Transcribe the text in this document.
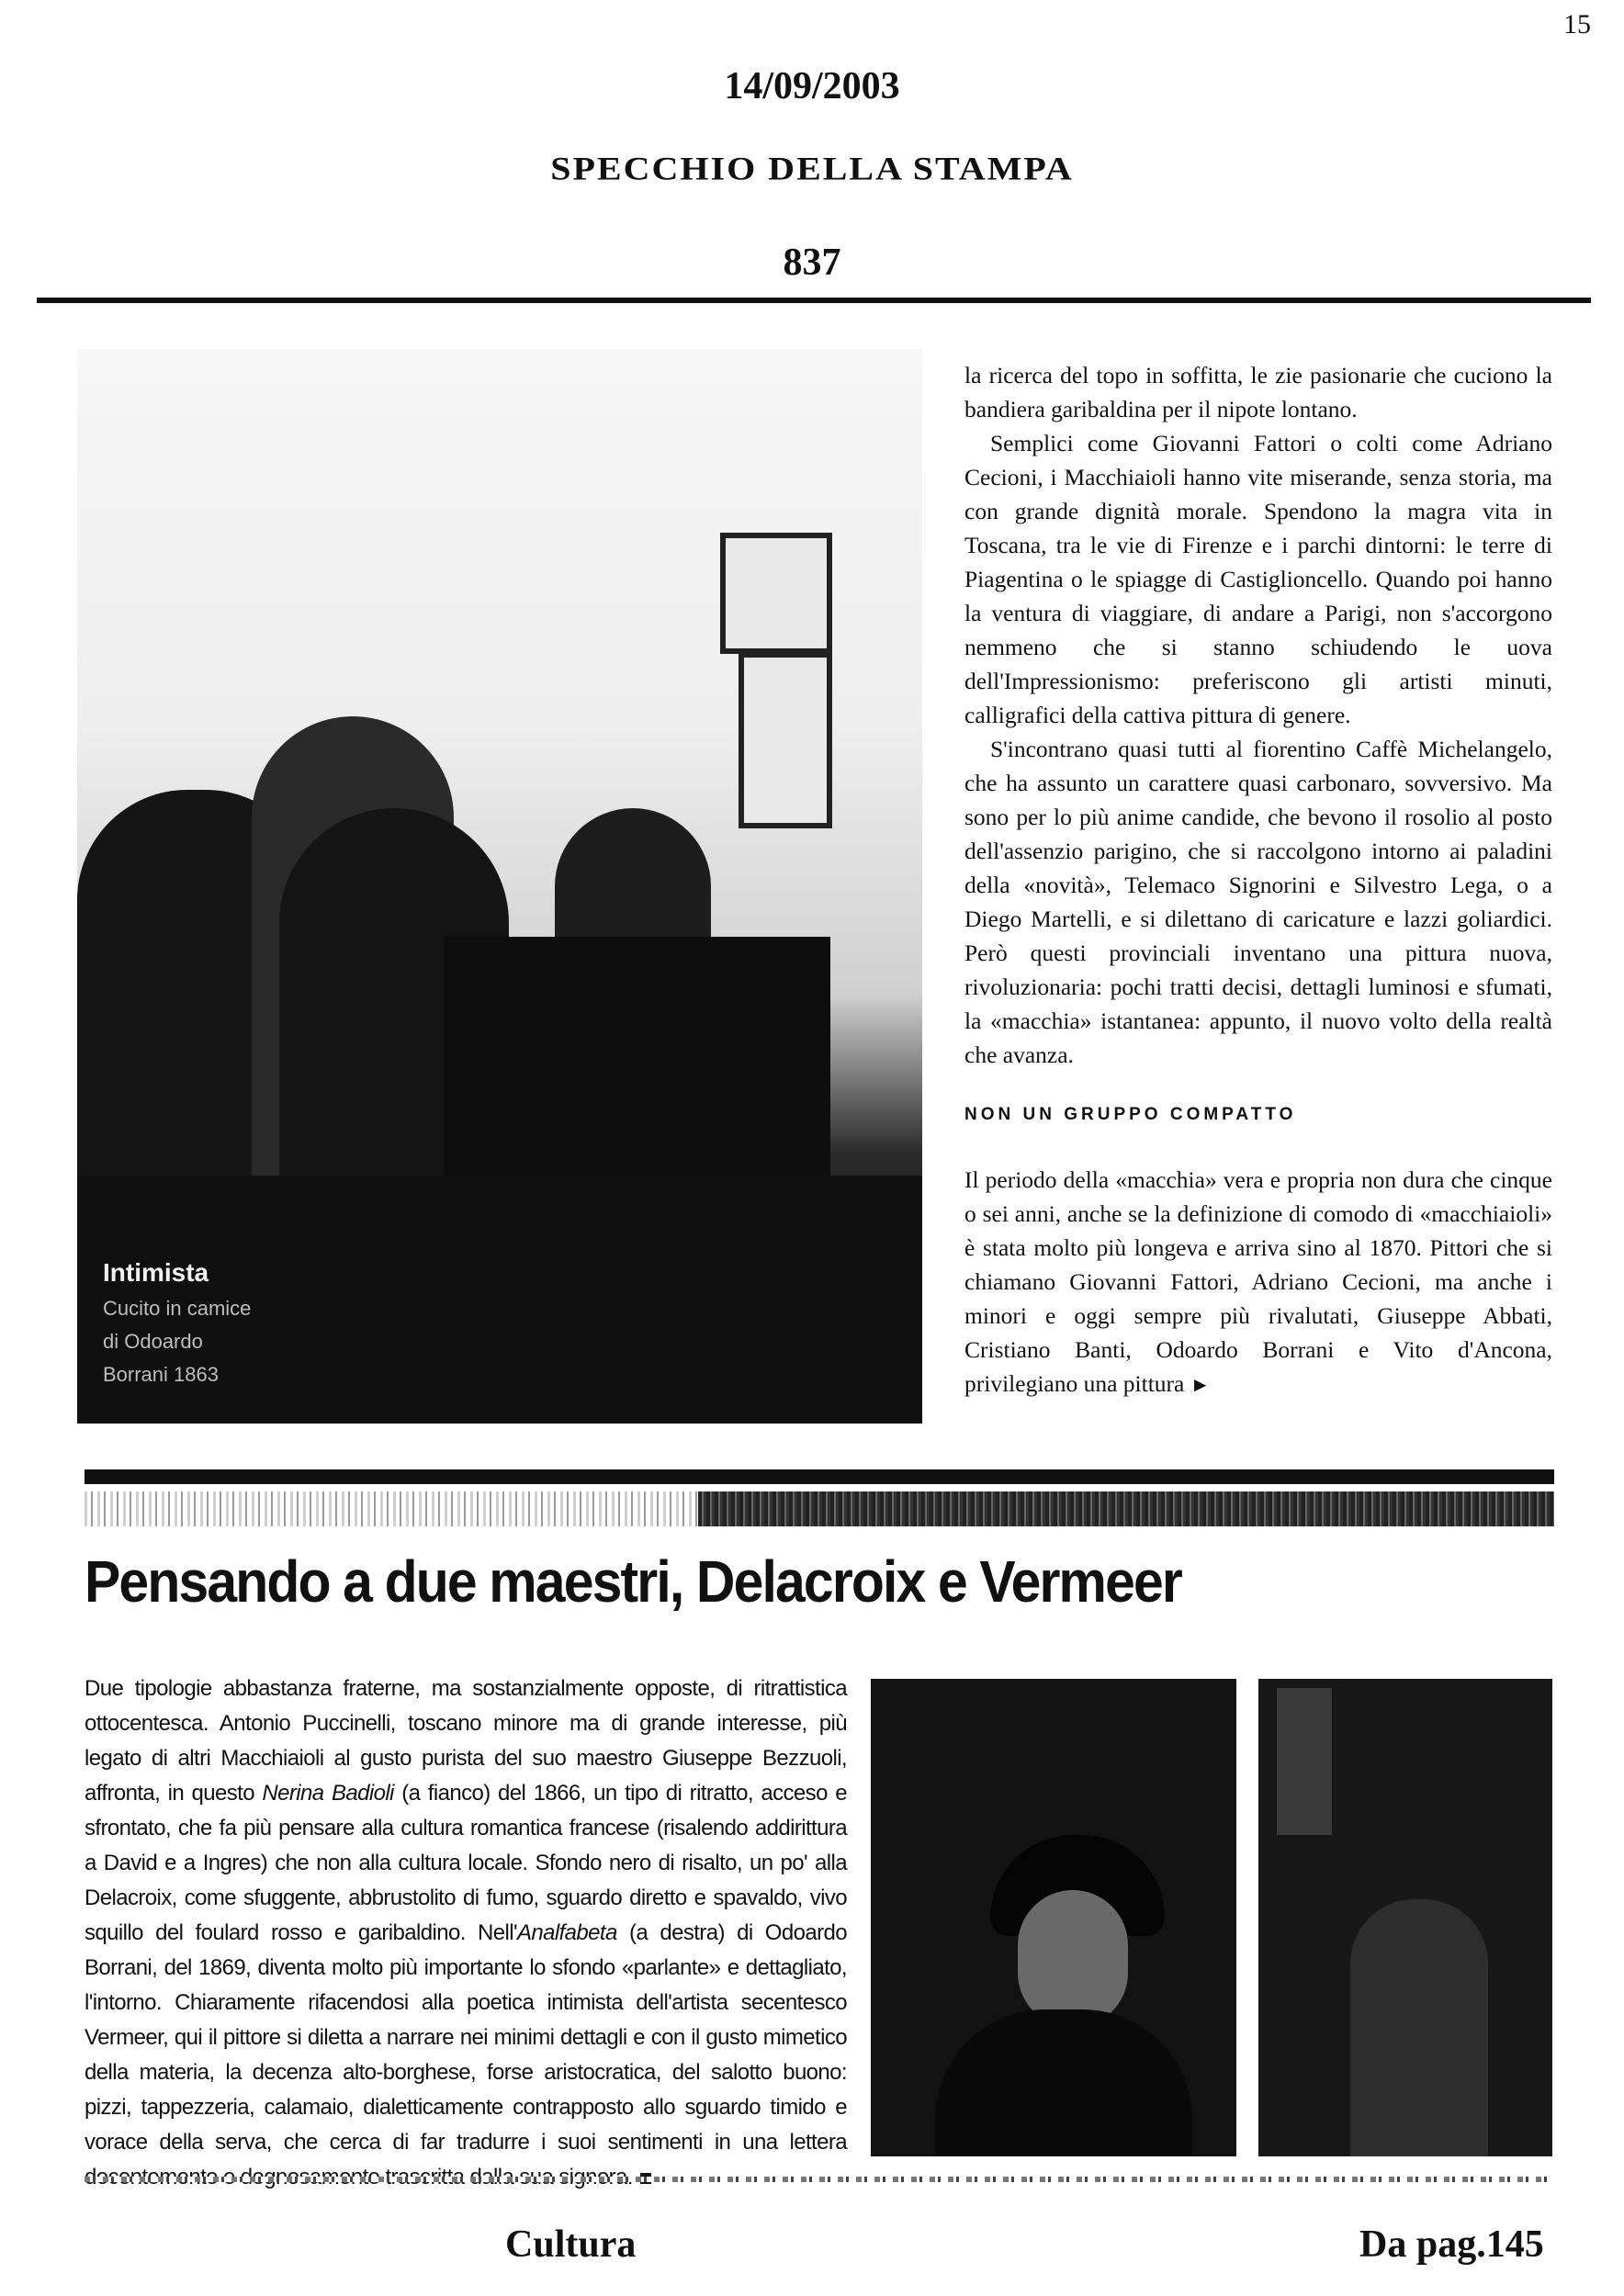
15
14/09/2003
SPECCHIO DELLA STAMPA
837
Intimista
Cucito in camice
di Odoardo
Borrani 1863

la ricerca del topo in soffitta, le zie pasionarie che cuciono la bandiera garibaldina per il nipote lontano.

Semplici come Giovanni Fattori o colti come Adriano Cecioni, i Macchiaioli hanno vite miserande, senza storia, ma con grande dignità morale. Spendono la magra vita in Toscana, tra le vie di Firenze e i parchi dintorni: le terre di Piagentina o le spiagge di Castiglioncello. Quando poi hanno la ventura di viaggiare, di andare a Parigi, non s'accorgono nemmeno che si stanno schiudendo le uova dell'Impressionismo: preferiscono gli artisti minuti, calligrafici della cattiva pittura di genere.

S'incontrano quasi tutti al fiorentino Caffè Michelangelo, che ha assunto un carattere quasi carbonaro, sovversivo. Ma sono per lo più anime candide, che bevono il rosolio al posto dell'assenzio parigino, che si raccolgono intorno ai paladini della «novità», Telemaco Signorini e Silvestro Lega, o a Diego Martelli, e si dilettano di caricature e lazzi goliardici. Però questi provinciali inventano una pittura nuova, rivoluzionaria: pochi tratti decisi, dettagli luminosi e sfumati, la «macchia» istantanea: appunto, il nuovo volto della realtà che avanza.

NON UN GRUPPO COMPATTO

Il periodo della «macchia» vera e propria non dura che cinque o sei anni, anche se la definizione di comodo di «macchiaioli» è stata molto più longeva e arriva sino al 1870. Pittori che si chiamano Giovanni Fattori, Adriano Cecioni, ma anche i minori e oggi sempre più rivalutati, Giuseppe Abbati, Cristiano Banti, Odoardo Borrani e Vito d'Ancona, privilegiano una pittura ►

Pensando a due maestri, Delacroix e Vermeer
Due tipologie abbastanza fraterne, ma sostanzialmente opposte, di ritrattistica ottocentesca. Antonio Puccinelli, toscano minore ma di grande interesse, più legato di altri Macchiaioli al gusto purista del suo maestro Giuseppe Bezzuoli, affronta, in questo Nerina Badioli (a fianco) del 1866, un tipo di ritratto, acceso e sfrontato, che fa più pensare alla cultura romantica francese (risalendo addirittura a David e a Ingres) che non alla cultura locale. Sfondo nero di risalto, un po' alla Delacroix, come sfuggente, abbrustolito di fumo, sguardo diretto e spavaldo, vivo squillo del foulard rosso e garibaldino. Nell'Analfabeta (a destra) di Odoardo Borrani, del 1869, diventa molto più importante lo sfondo «parlante» e dettagliato, l'intorno. Chiaramente rifacendosi alla poetica intimista dell'artista secentesco Vermeer, qui il pittore si diletta a narrare nei minimi dettagli e con il gusto mimetico della materia, la decenza alto-borghese, forse aristocratica, del salotto buono: pizzi, tappezzeria, calamaio, dialetticamente contrapposto allo sguardo timido e vorace della serva, che cerca di far tradurre i suoi sentimenti in una lettera
Cultura	Da pag.145
